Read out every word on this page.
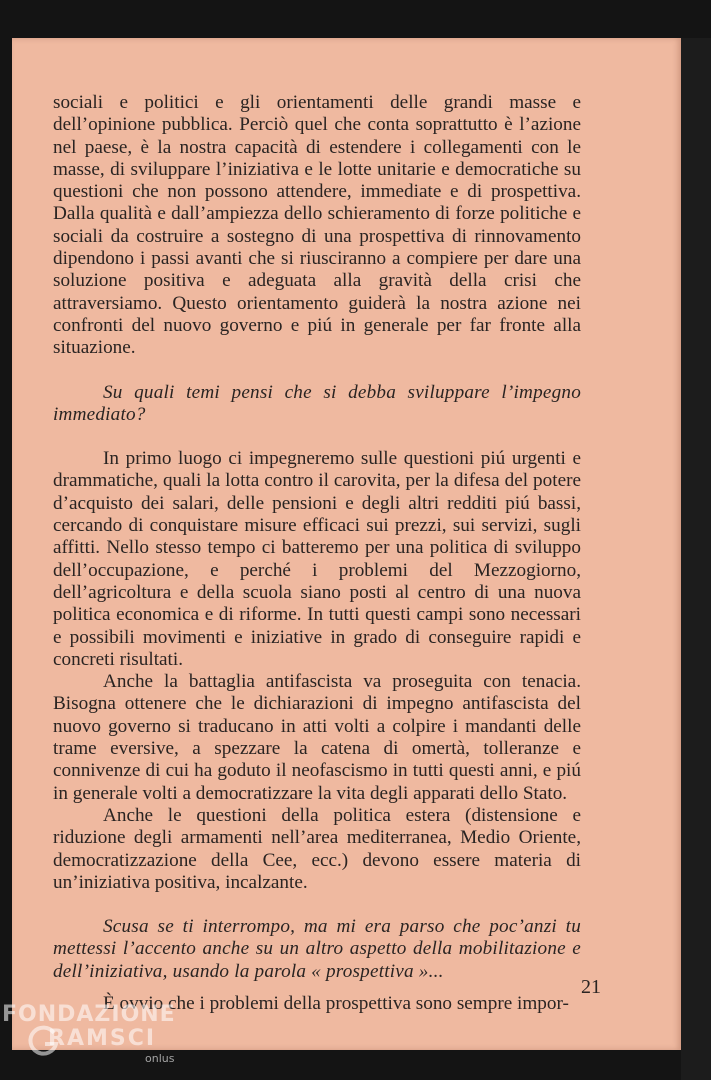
sociali e politici e gli orientamenti delle grandi masse e dell’opinione pubblica. Perciò quel che conta soprattutto è l’azione nel paese, è la nostra capacità di estendere i collegamenti con le masse, di sviluppare l’iniziativa e le lotte unitarie e democratiche su questioni che non possono attendere, immediate e di prospettiva. Dalla qualità e dall’ampiezza dello schieramento di forze politiche e sociali da costruire a sostegno di una prospettiva di rinnovamento dipendono i passi avanti che si riusciranno a compiere per dare una soluzione positiva e adeguata alla gravità della crisi che attraversiamo. Questo orientamento guiderà la nostra azione nei confronti del nuovo governo e piú in generale per far fronte alla situazione.

Su quali temi pensi che si debba sviluppare l’impegno immediato?

In primo luogo ci impegneremo sulle questioni piú urgenti e drammatiche, quali la lotta contro il carovita, per la difesa del potere d’acquisto dei salari, delle pensioni e degli altri redditi piú bassi, cercando di conquistare misure efficaci sui prezzi, sui servizi, sugli affitti. Nello stesso tempo ci batteremo per una politica di sviluppo dell’occupazione, e perché i problemi del Mezzogiorno, dell’agricoltura e della scuola siano posti al centro di una nuova politica economica e di riforme. In tutti questi campi sono necessari e possibili movimenti e iniziative in grado di conseguire rapidi e concreti risultati.

Anche la battaglia antifascista va proseguita con tenacia. Bisogna ottenere che le dichiarazioni di impegno antifascista del nuovo governo si traducano in atti volti a colpire i mandanti delle trame eversive, a spezzare la catena di omertà, tolleranze e connivenze di cui ha goduto il neofascismo in tutti questi anni, e piú in generale volti a democratizzare la vita degli apparati dello Stato.

Anche le questioni della politica estera (distensione e riduzione degli armamenti nell’area mediterranea, Medio Oriente, democratizzazione della Cee, ecc.) devono essere materia di un’iniziativa positiva, incalzante.

Scusa se ti interrompo, ma mi era parso che poc’anzi tu mettessi l’accento anche su un altro aspetto della mobilitazione e dell’iniziativa, usando la parola « prospettiva »...

È ovvio che i problemi della prospettiva sono sempre impor-

21
FONDAZIONE
RAMSCI
onlus
